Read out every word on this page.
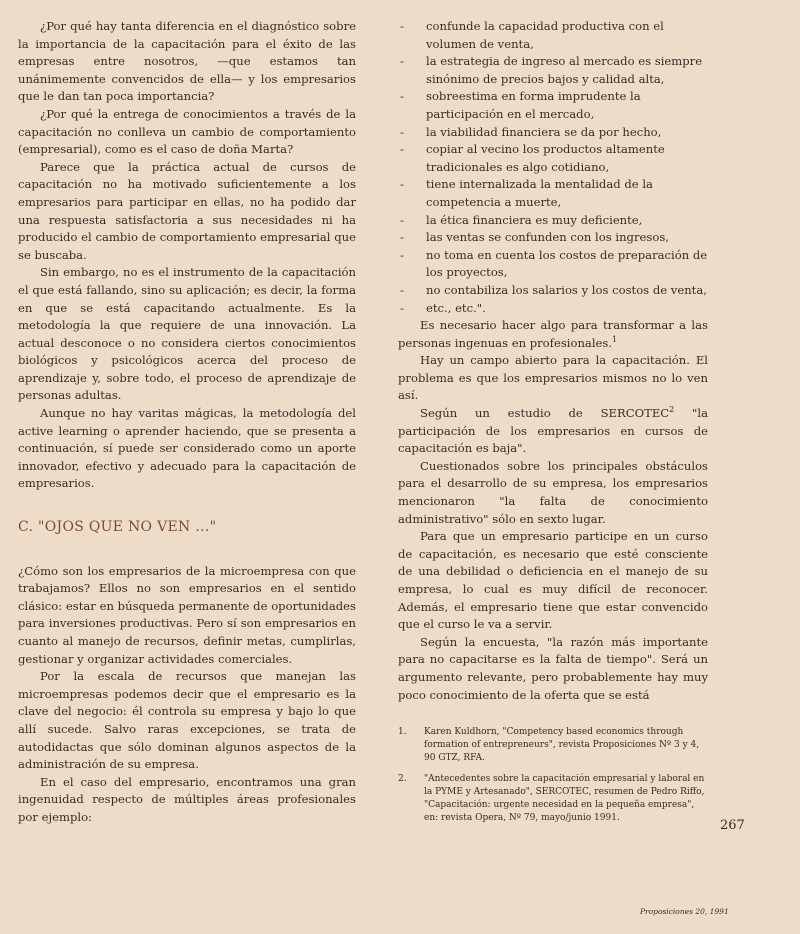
¿Por qué hay tanta diferencia en el diagnóstico sobre la importancia de la capacitación para el éxito de las empresas entre nosotros, —que estamos tan unánimemente convencidos de ella— y los empresarios que le dan tan poca importancia?

¿Por qué la entrega de conocimientos a través de la capacitación no conlleva un cambio de comportamiento (empresarial), como es el caso de doña Marta?

Parece que la práctica actual de cursos de capacitación no ha motivado suficientemente a los empresarios para participar en ellas, no ha podido dar una respuesta satisfactoria a sus necesidades ni ha producido el cambio de comportamiento empresarial que se buscaba.

Sin embargo, no es el instrumento de la capacitación el que está fallando, sino su aplicación; es decir, la forma en que se está capacitando actualmente. Es la metodología la que requiere de una innovación. La actual desconoce o no considera ciertos conocimientos biológicos y psicológicos acerca del proceso de aprendizaje y, sobre todo, el proceso de aprendizaje de personas adultas.

Aunque no hay varitas mágicas, la metodología del active learning o aprender haciendo, que se presenta a continuación, sí puede ser considerado como un aporte innovador, efectivo y adecuado para la capacitación de empresarios.

C. "OJOS QUE NO VEN ..."

¿Cómo son los empresarios de la microempresa con que trabajamos? Ellos no son empresarios en el sentido clásico: estar en búsqueda permanente de oportunidades para inversiones productivas. Pero sí son empresarios en cuanto al manejo de recursos, definir metas, cumplirlas, gestionar y organizar actividades comerciales.

Por la escala de recursos que manejan las microempresas podemos decir que el empresario es la clave del negocio: él controla su empresa y bajo lo que allí sucede. Salvo raras excepciones, se trata de autodidactas que sólo dominan algunos aspectos de la administración de su empresa.

En el caso del empresario, encontramos una gran ingenuidad respecto de múltiples áreas profesionales por ejemplo:

- confunde la capacidad productiva con el volumen de venta,
- la estrategia de ingreso al mercado es siempre sinónimo de precios bajos y calidad alta,
- sobreestima en forma imprudente la participación en el mercado,
- la viabilidad financiera se da por hecho,
- copiar al vecino los productos altamente tradicionales es algo cotidiano,
- tiene internalizada la mentalidad de la competencia a muerte,
- la ética financiera es muy deficiente,
- las ventas se confunden con los ingresos,
- no toma en cuenta los costos de preparación de los proyectos,
- no contabiliza los salarios y los costos de venta,
- etc., etc.".

Es necesario hacer algo para transformar a las personas ingenuas en profesionales.$^1$

Hay un campo abierto para la capacitación. El problema es que los empresarios mismos no lo ven así.

Según un estudio de SERCOTEC$^2$ "la participación de los empresarios en cursos de capacitación es baja".

Cuestionados sobre los principales obstáculos para el desarrollo de su empresa, los empresarios mencionaron "la falta de conocimiento administrativo" sólo en sexto lugar.

Para que un empresario participe en un curso de capacitación, es necesario que esté consciente de una debilidad o deficiencia en el manejo de su empresa, lo cual es muy difícil de reconocer. Además, el empresario tiene que estar convencido que el curso le va a servir.

Según la encuesta, "la razón más importante para no capacitarse es la falta de tiempo". Será un argumento relevante, pero probablemente hay muy poco conocimiento de la oferta que se está

1. Karen Kuldhorn, "Competency based economics through formation of entrepreneurs", revista Proposiciones Nº 3 y 4, 90 GTZ, RFA.
2. "Antecedentes sobre la capacitación empresarial y laboral en la PYME y Artesanado", SERCOTEC, resumen de Pedro Riffo, "Capacitación: urgente necesidad en la pequeña empresa", en: revista Opera, Nº 79, mayo/junio 1991.	267
Proposiciones 20, 1991
